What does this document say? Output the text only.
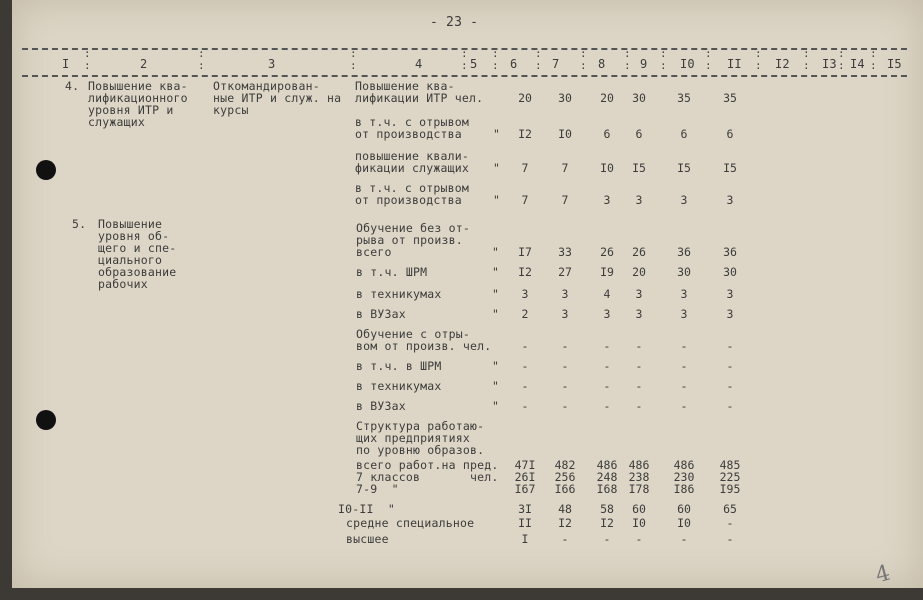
- 23 -
I	2	3	4	5	6	7	8	9	I0	II	I2	I3 I4 I5
:
:
:
:
:
:
:
:
:
:
:
:
:
:
:
:
:
:
:
:
:
:
:
:
:
:
:
:
4. Повышение ква-
лификационного
уровня ИТР и
служащих
Откомандирован-
ные ИТР и служ. на
курсы
Повышение ква-
лификации ИТР чел.	20	30	20	30	35	35
в т.ч. с отрывом
от производства	"	I2	I0	6	6	6	6
повышение квали-
фикации служащих "	7	7	I0	I5	I5	I5
в т.ч. с отрывом
от производства	"	7	7	3	3	3	3
5. Повышение
уровня об-
щего и спе-
циального
образование
рабочих
Обучение без от-
рыва от произв.
всего	"	I7	33	26	26	36	36
в т.ч. ШРМ	"	I2	27	I9	20	30	30
в техникумах	"	3	3	4	3	3	3
в ВУЗах	"	2	3	3	3	3	3
Обучение с отры-
вом от произв. чел.	-	-	-	-	-	-
в т.ч. в ШРМ	"	-	-	-	-	-	-
в техникумах	"	-	-	-	-	-	-
в ВУЗах	"	-	-	-	-	-	-
Структура работаю-
щих предприятиях
по уровню образов.
всего работ.на пред.	47I	482	486 486	486	485
7 классов       чел.	26I	256	248 238	230	225
7-9  "	I67	I66	I68 I78	I86	I95
I0-II  "	3I	48	58	60	60	65
средне специальное	II	I2	I2	I0	I0	-
высшее	I	-	-	-	-	-
4
